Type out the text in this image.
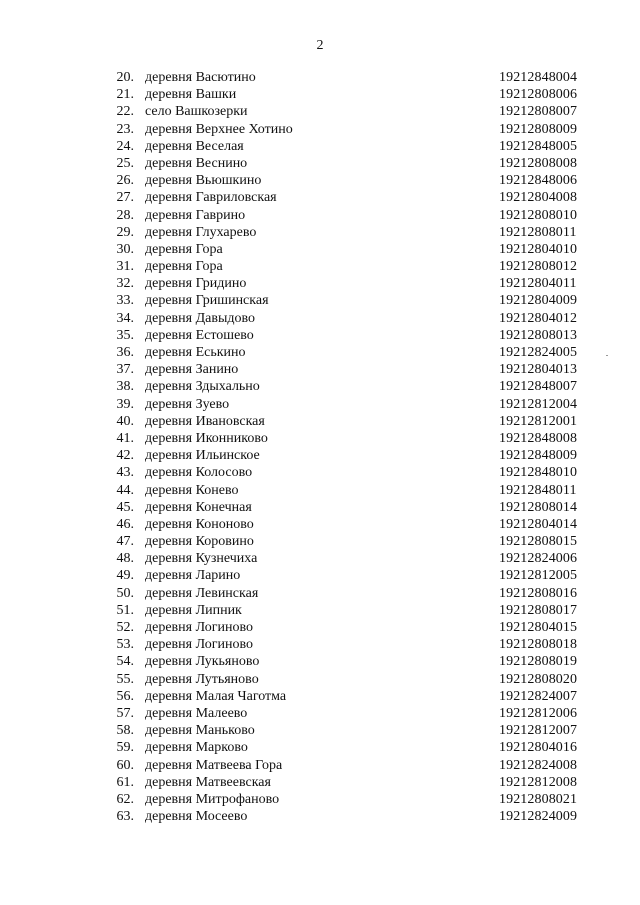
2
20. деревня Васютино	19212848004
21. деревня Вашки	19212808006
22. село Вашкозерки	19212808007
23. деревня Верхнее Хотино	19212808009
24. деревня Веселая	19212848005
25. деревня Веснино	19212808008
26. деревня Вьюшкино	19212848006
27. деревня Гавриловская	19212804008
28. деревня Гаврино	19212808010
29. деревня Глухарево	19212808011
30. деревня Гора	19212804010
31. деревня Гора	19212808012
32. деревня Гридино	19212804011
33. деревня Гришинская	19212804009
34. деревня Давыдово	19212804012
35. деревня Естошево	19212808013
36. деревня Еськино	19212824005
37. деревня Занино	19212804013
38. деревня Здыхально	19212848007
39. деревня Зуево	19212812004
40. деревня Ивановская	19212812001
41. деревня Иконниково	19212848008
42. деревня Ильинское	19212848009
43. деревня Колосово	19212848010
44. деревня Конево	19212848011
45. деревня Конечная	19212808014
46. деревня Кононово	19212804014
47. деревня Коровино	19212808015
48. деревня Кузнечиха	19212824006
49. деревня Ларино	19212812005
50. деревня Левинская	19212808016
51. деревня Липник	19212808017
52. деревня Логиново	19212804015
53. деревня Логиново	19212808018
54. деревня Лукьяново	19212808019
55. деревня Лутьяново	19212808020
56. деревня Малая Чаготма	19212824007
57. деревня Малеево	19212812006
58. деревня Маньково	19212812007
59. деревня Марково	19212804016
60. деревня Матвеева Гора	19212824008
61. деревня Матвеевская	19212812008
62. деревня Митрофаново	19212808021
63. деревня Мосеево	19212824009
